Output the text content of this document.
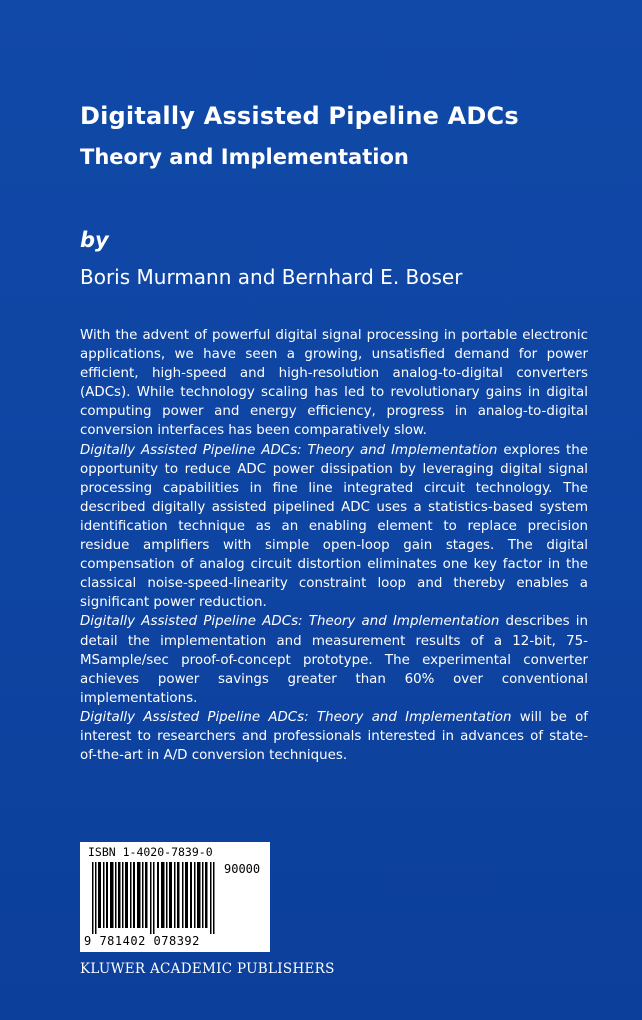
Digitally Assisted Pipeline ADCs
Theory and Implementation
by
Boris Murmann and Bernhard E. Boser

With the advent of powerful digital signal processing in portable electronic applications, we have seen a growing, unsatisfied demand for power efficient, high-speed and high-resolution analog-to-digital converters (ADCs). While technology scaling has led to revolutionary gains in digital computing power and energy efficiency, progress in analog-to-digital conversion interfaces has been comparatively slow.

Digitally Assisted Pipeline ADCs: Theory and Implementation explores the opportunity to reduce ADC power dissipation by leveraging digital signal processing capabilities in fine line integrated circuit technology. The described digitally assisted pipelined ADC uses a statistics-based system identification technique as an enabling element to replace precision residue amplifiers with simple open-loop gain stages. The digital compensation of analog circuit distortion eliminates one key factor in the classical noise-speed-linearity constraint loop and thereby enables a significant power reduction.

Digitally Assisted Pipeline ADCs: Theory and Implementation describes in detail the implementation and measurement results of a 12-bit, 75-MSample/sec proof-of-concept prototype. The experimental converter achieves power savings greater than 60% over conventional implementations.

Digitally Assisted Pipeline ADCs: Theory and Implementation will be of interest to researchers and professionals interested in advances of state-of-the-art in A/D conversion techniques.

ISBN 1-4020-7839-0
90000
9 781402 078392
KLUWER ACADEMIC PUBLISHERS
